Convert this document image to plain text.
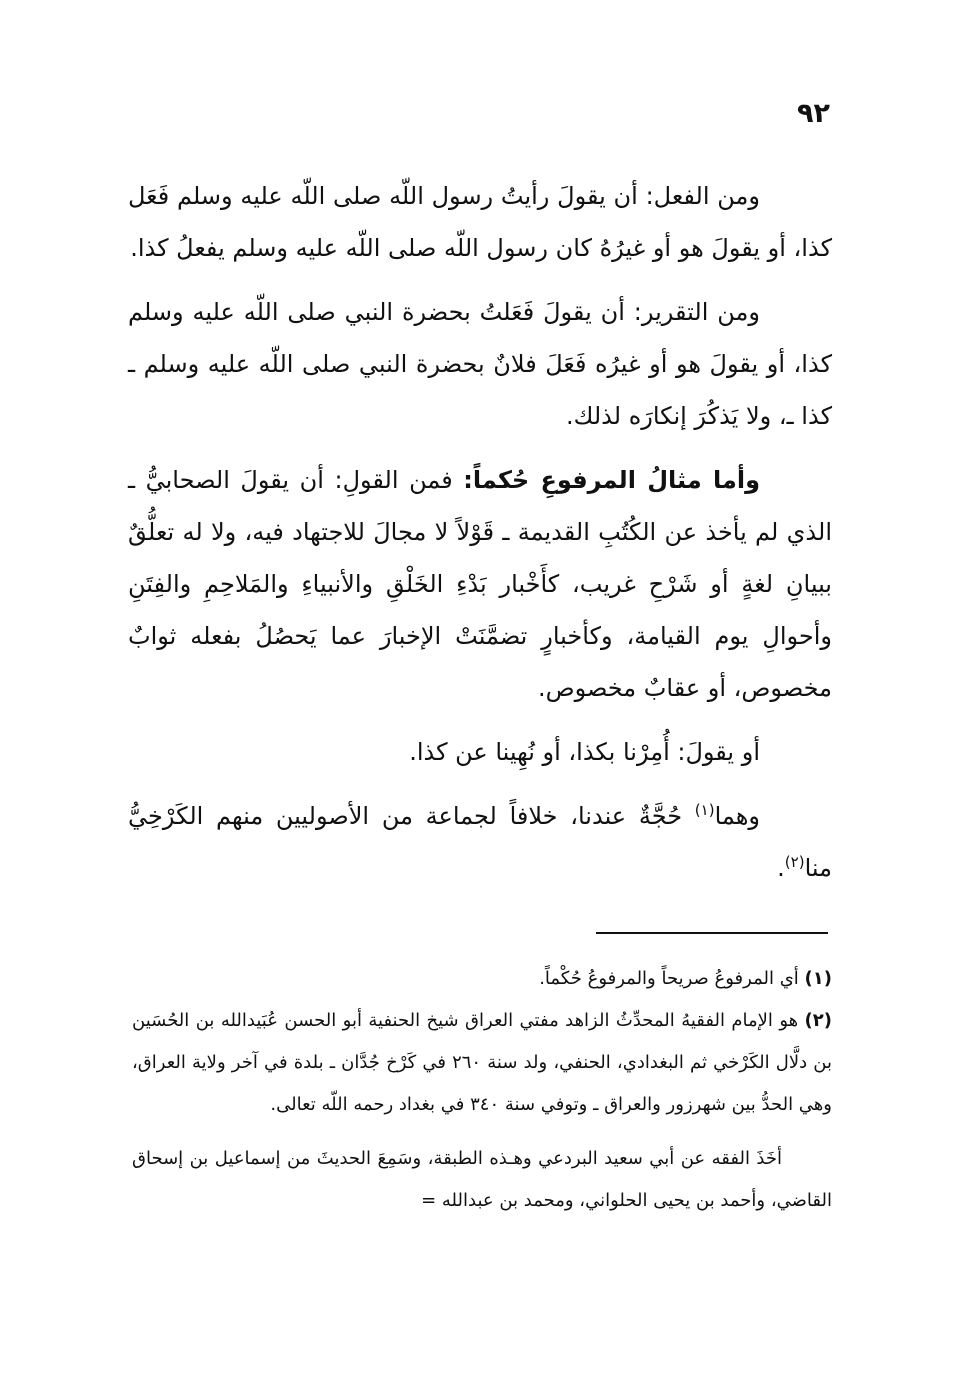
٩٢

ومن الفعل: أن يقولَ رأيتُ رسول اللّه صلى اللّه عليه وسلم فَعَل كذا، أو يقولَ هو أو غيرُهُ كان رسول اللّه صلى اللّه عليه وسلم يفعلُ كذا.

ومن التقرير: أن يقولَ فَعَلتُ بحضرة النبي صلى اللّه عليه وسلم كذا، أو يقولَ هو أو غيرُه فَعَلَ فلانٌ بحضرة النبي صلى اللّه عليه وسلم ـ كذا ـ، ولا يَذكُرَ إنكارَه لذلك.

وأما مثالُ المرفوعِ حُكماً: فمن القولِ: أن يقولَ الصحابيُّ ـ الذي لم يأخذ عن الكُتُبِ القديمة ـ قَوْلاً لا مجالَ للاجتهاد فيه، ولا له تعلُّقٌ ببيانِ لغةٍ أو شَرْحِ غريب، كأَخْبار بَدْءِ الخَلْقِ والأنبياءِ والمَلاحِمِ والفِتَنِ وأحوالِ يوم القيامة، وكأخبارٍ تضمَّنَتْ الإخبارَ عما يَحصُلُ بفعله ثوابٌ مخصوص، أو عقابٌ مخصوص.

أو يقولَ: أُمِرْنا بكذا، أو نُهِينا عن كذا.

وهما$^{(١)}$ حُجَّةٌ عندنا، خلافاً لجماعة من الأصوليين منهم الكَرْخِيُّ منا$^{(٢)}$.

(١) أي المرفوعُ صريحاً والمرفوعُ حُكْماً.

(٢) هو الإمام الفقيهُ المحدِّثُ الزاهد مفتي العراق شيخ الحنفية أبو الحسن عُبَيدالله بن الحُسَين بن دلَّال الكَرْخي ثم البغدادي، الحنفي، ولد سنة ٢٦٠ في كَرْخ جُدَّان ـ بلدة في آخر ولاية العراق، وهي الحدُّ بين شهرزور والعراق ـ وتوفي سنة ٣٤٠ في بغداد رحمه اللّه تعالى.

أخَذَ الفقه عن أبي سعيد البردعي وهـذه الطبقة، وسَمِعَ الحديثَ من إسماعيل بن إسحاق القاضي، وأحمد بن يحيى الحلواني، ومحمد بن عبدالله =
